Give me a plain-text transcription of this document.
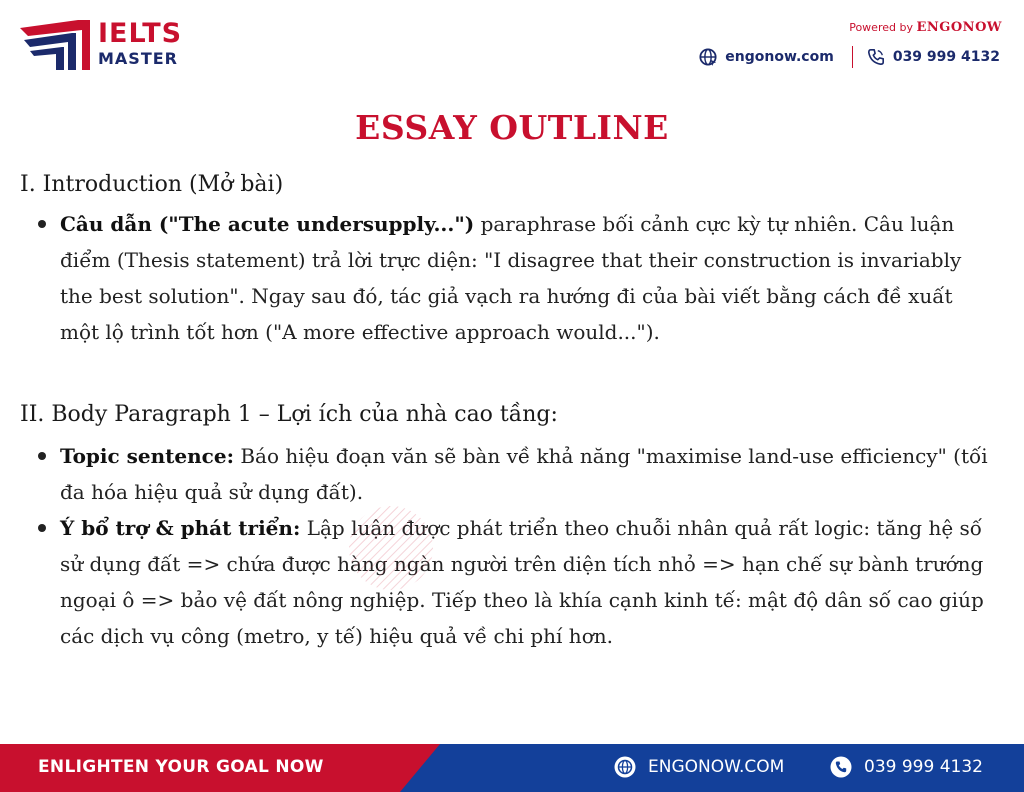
IELTS
MASTER
Powered by ENGONOW
engonow.com	039 999 4132
ESSAY OUTLINE
I. Introduction (Mở bài)
Câu dẫn ("The acute undersupply...") paraphrase bối cảnh cực kỳ tự nhiên. Câu luận điểm (Thesis statement) trả lời trực diện: "I disagree that their construction is invariably the best solution". Ngay sau đó, tác giả vạch ra hướng đi của bài viết bằng cách đề xuất một lộ trình tốt hơn ("A more effective approach would...").
II. Body Paragraph 1 – Lợi ích của nhà cao tầng:
Topic sentence: Báo hiệu đoạn văn sẽ bàn về khả năng "maximise land-use efficiency" (tối đa hóa hiệu quả sử dụng đất).
Ý bổ trợ & phát triển: Lập luận được phát triển theo chuỗi nhân quả rất logic: tăng hệ số sử dụng đất => chứa được hàng ngàn người trên diện tích nhỏ => hạn chế sự bành trướng ngoại ô => bảo vệ đất nông nghiệp. Tiếp theo là khía cạnh kinh tế: mật độ dân số cao giúp các dịch vụ công (metro, y tế) hiệu quả về chi phí hơn.
ENLIGHTEN YOUR GOAL NOW	ENGONOW.COM	039 999 4132
